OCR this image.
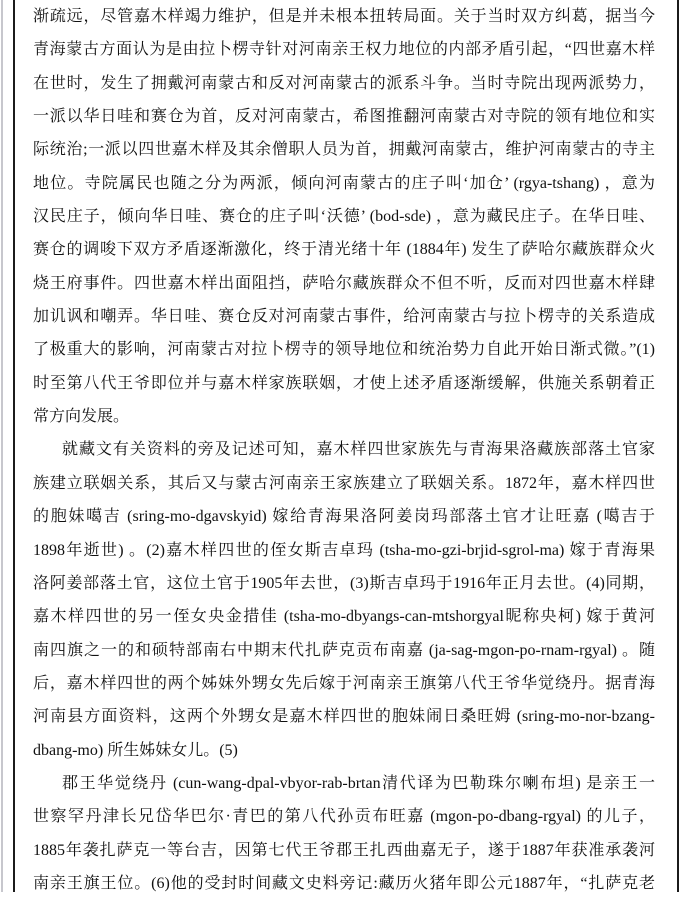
渐疏远，尽管嘉木样竭力维护，但是并未根本扭转局面。关于当时双方纠葛，据当今
青海蒙古方面认为是由拉卜楞寺针对河南亲王权力地位的内部矛盾引起，“四世嘉木样
在世时，发生了拥戴河南蒙古和反对河南蒙古的派系斗争。当时寺院出现两派势力，
一派以华日哇和赛仓为首，反对河南蒙古，希图推翻河南蒙古对寺院的领有地位和实
际统治;一派以四世嘉木样及其余僧职人员为首，拥戴河南蒙古，维护河南蒙古的寺主
地位。寺院属民也随之分为两派，倾向河南蒙古的庄子叫‘加仓’ (rgya-tshang) ，意为
汉民庄子，倾向华日哇、赛仓的庄子叫‘沃德’ (bod-sde) ，意为藏民庄子。在华日哇、
赛仓的调唆下双方矛盾逐渐激化，终于清光绪十年 (1884年) 发生了萨哈尔藏族群众火
烧王府事件。四世嘉木样出面阻挡，萨哈尔藏族群众不但不听，反而对四世嘉木样肆
加讥讽和嘲弄。华日哇、赛仓反对河南蒙古事件，给河南蒙古与拉卜楞寺的关系造成
了极重大的影响，河南蒙古对拉卜楞寺的领导地位和统治势力自此开始日渐式微。”(1)
时至第八代王爷即位并与嘉木样家族联姻，才使上述矛盾逐渐缓解，供施关系朝着正
常方向发展。
就藏文有关资料的旁及记述可知，嘉木样四世家族先与青海果洛藏族部落土官家
族建立联姻关系，其后又与蒙古河南亲王家族建立了联姻关系。1872年，嘉木样四世
的胞妹噶吉 (sring-mo-dgavskyid) 嫁给青海果洛阿姜岗玛部落土官才让旺嘉 (噶吉于
1898年逝世) 。(2)嘉木样四世的侄女斯吉卓玛 (tsha-mo-gzi-brjid-sgrol-ma) 嫁于青海果
洛阿姜部落土官，这位土官于1905年去世，(3)斯吉卓玛于1916年正月去世。(4)同期，
嘉木样四世的另一侄女央金措佳 (tsha-mo-dbyangs-can-mtshorgyal昵称央柯) 嫁于黄河
南四旗之一的和硕特部南右中期末代扎萨克贡布南嘉 (ja-sag-mgon-po-rnam-rgyal) 。随
后，嘉木样四世的两个姊妹外甥女先后嫁于河南亲王旗第八代王爷华觉绕丹。据青海
河南县方面资料，这两个外甥女是嘉木样四世的胞妹闹日桑旺姆 (sring-mo-nor-bzang-
dbang-mo) 所生姊妹女儿。(5)
郡王华觉绕丹 (cun-wang-dpal-vbyor-rab-brtan清代译为巴勒珠尔喇布坦) 是亲王一
世察罕丹津长兄岱华巴尔·青巴的第八代孙贡布旺嘉 (mgon-po-dbang-rgyal) 的儿子，
1885年袭扎萨克一等台吉，因第七代王爷郡王扎西曲嘉无子，遂于1887年获准承袭河
南亲王旗王位。(6)他的受封时间藏文史料旁记:藏历火猪年即公元1887年，“扎萨克老
